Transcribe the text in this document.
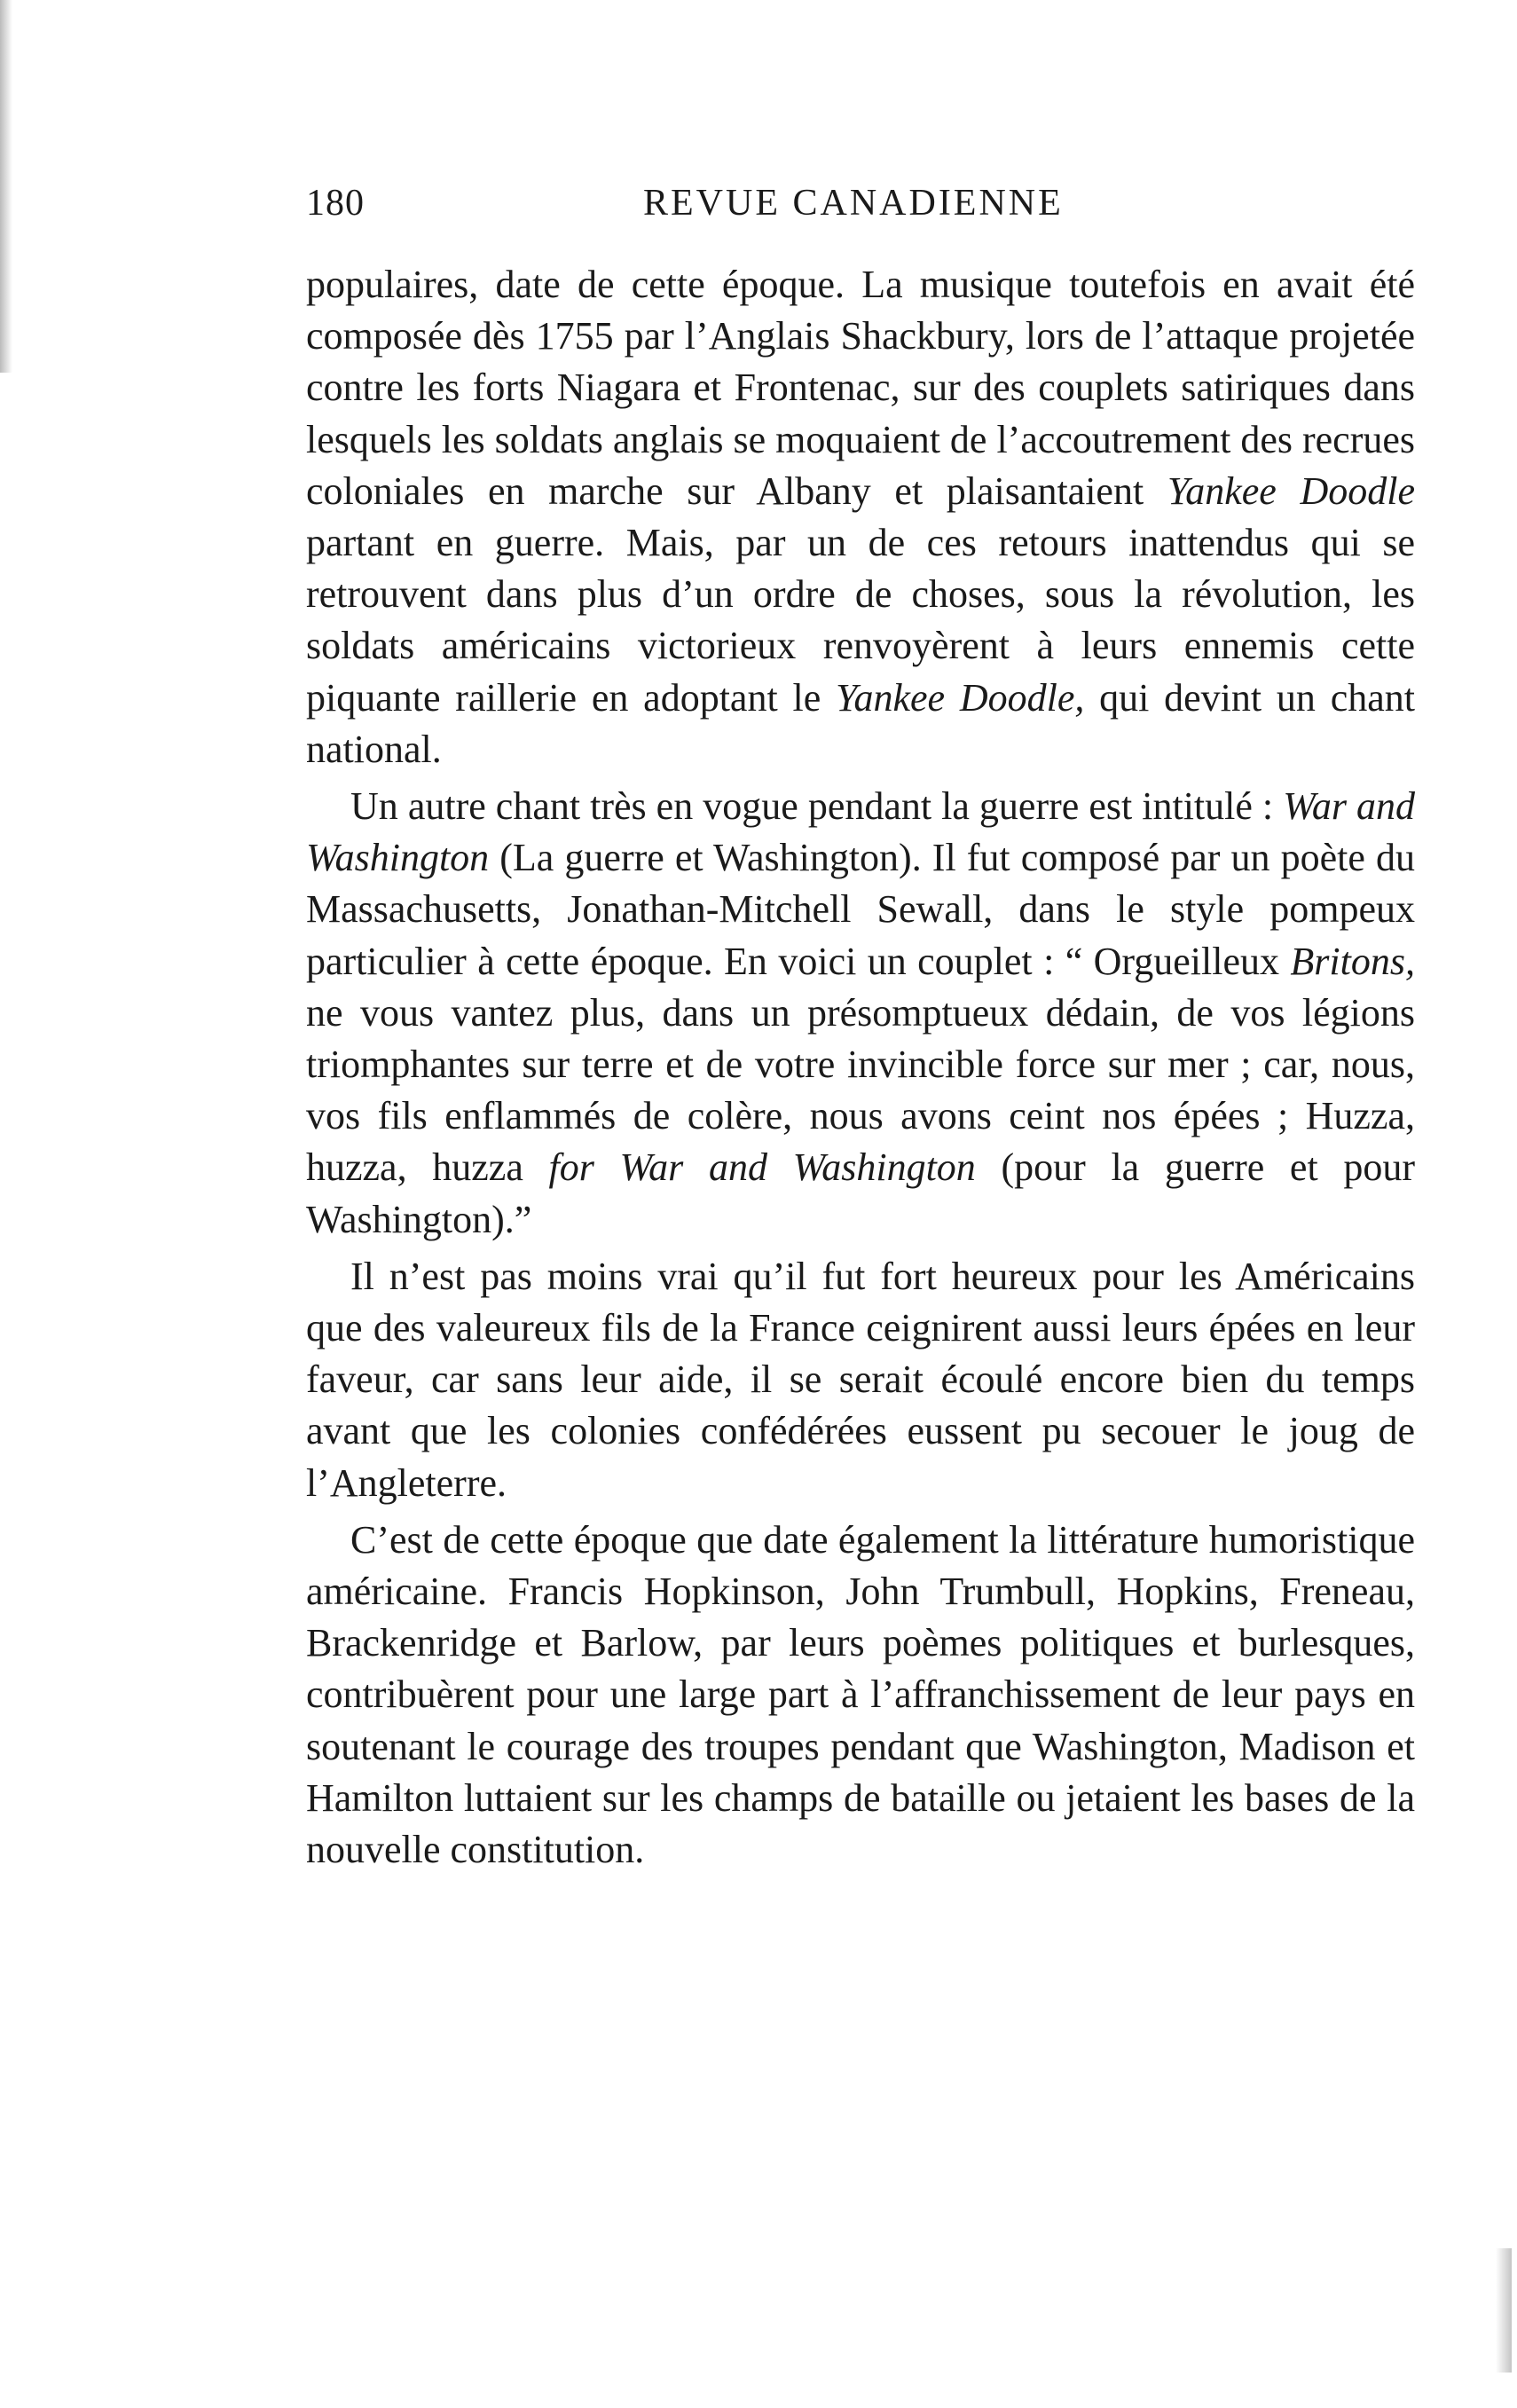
180	REVUE CANADIENNE

populaires, date de cette époque. La musique toutefois en avait été composée dès 1755 par l’Anglais Shackbury, lors de l’attaque projetée contre les forts Niagara et Frontenac, sur des couplets satiriques dans lesquels les soldats anglais se moquaient de l’accoutrement des recrues coloniales en marche sur Albany et plaisantaient Yankee Doodle partant en guerre. Mais, par un de ces retours inattendus qui se retrouvent dans plus d’un ordre de choses, sous la révolution, les soldats américains victorieux renvoyèrent à leurs ennemis cette piquante raillerie en adoptant le Yankee Doodle, qui devint un chant national.

Un autre chant très en vogue pendant la guerre est intitulé : War and Washington (La guerre et Washington). Il fut composé par un poète du Massachusetts, Jonathan-Mitchell Sewall, dans le style pompeux particulier à cette époque. En voici un couplet : “ Orgueilleux Britons, ne vous vantez plus, dans un présomptueux dédain, de vos légions triomphantes sur terre et de votre invincible force sur mer ; car, nous, vos fils enflammés de colère, nous avons ceint nos épées ; Huzza, huzza, huzza for War and Washington (pour la guerre et pour Washington).”

Il n’est pas moins vrai qu’il fut fort heureux pour les Américains que des valeureux fils de la France ceignirent aussi leurs épées en leur faveur, car sans leur aide, il se serait écoulé encore bien du temps avant que les colonies confédérées eussent pu secouer le joug de l’Angleterre.

C’est de cette époque que date également la littérature humoristique américaine. Francis Hopkinson, John Trumbull, Hopkins, Freneau, Brackenridge et Barlow, par leurs poèmes politiques et burlesques, contribuèrent pour une large part à l’affranchissement de leur pays en soutenant le courage des troupes pendant que Washington, Madison et Hamilton luttaient sur les champs de bataille ou jetaient les bases de la nouvelle constitution.
